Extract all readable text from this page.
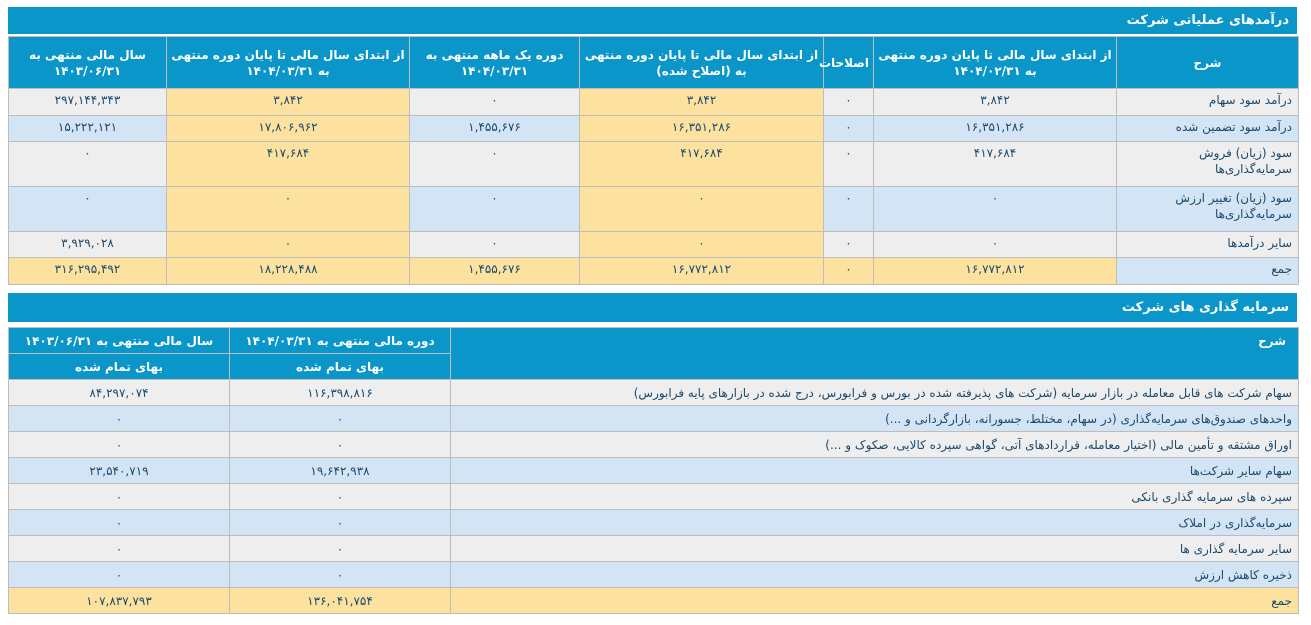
درآمدهای عملیاتی شرکت
شرح	از ابتدای سال مالی تا پایان دوره منتهی به ۱۴۰۴/۰۲/۳۱	اصلاحات	از ابتدای سال مالی تا پایان دوره منتهی به (اصلاح شده)	دوره یک ماهه منتهی به ۱۴۰۴/۰۳/۳۱	از ابتدای سال مالی تا پایان دوره منتهی به ۱۴۰۴/۰۳/۳۱	سال مالی منتهی به ۱۴۰۳/۰۶/۳۱
درآمد سود سهام	۳,۸۴۲	۰	۳,۸۴۲	۰	۳,۸۴۲	۲۹۷,۱۴۴,۳۴۳
درآمد سود تضمین شده	۱۶,۳۵۱,۲۸۶	۰	۱۶,۳۵۱,۲۸۶	۱,۴۵۵,۶۷۶	۱۷,۸۰۶,۹۶۲	۱۵,۲۲۲,۱۲۱
سود (زیان) فروش سرمایه‌گذاری‌ها	۴۱۷,۶۸۴	۰	۴۱۷,۶۸۴	۰	۴۱۷,۶۸۴	۰
سود (زیان) تغییر ارزش سرمایه‌گذاری‌ها	۰	۰	۰	۰	۰	۰
سایر درآمدها	۰	۰	۰	۰	۰	۳,۹۲۹,۰۲۸
جمع	۱۶,۷۷۲,۸۱۲	۰	۱۶,۷۷۲,۸۱۲	۱,۴۵۵,۶۷۶	۱۸,۲۲۸,۴۸۸	۳۱۶,۲۹۵,۴۹۲
سرمایه گذاری های شرکت
شرح	دوره مالی منتهی به ۱۴۰۴/۰۳/۳۱	سال مالی منتهی به ۱۴۰۳/۰۶/۳۱
	بهای تمام شده	بهای تمام شده
سهام شرکت های قابل معامله در بازار سرمایه (شرکت های پذیرفته شده در بورس و فرابورس، درج شده در بازارهای پایه فرابورس)	۱۱۶,۳۹۸,۸۱۶	۸۴,۲۹۷,۰۷۴
واحدهای صندوق‌های سرمایه‌گذاری (در سهام، مختلط، جسورانه، بازارگردانی و ...)	۰	۰
اوراق مشتقه و تأمین مالی (اختیار معامله، قراردادهای آتی، گواهی سپرده کالایی، صکوک و ...)	۰	۰
سهام سایر شرکت‌ها	۱۹,۶۴۲,۹۳۸	۲۳,۵۴۰,۷۱۹
سپرده های سرمایه گذاری بانکی	۰	۰
سرمایه‌گذاری در املاک	۰	۰
سایر سرمایه گذاری ها	۰	۰
ذخیره کاهش ارزش	۰	۰
جمع	۱۳۶,۰۴۱,۷۵۴	۱۰۷,۸۳۷,۷۹۳
